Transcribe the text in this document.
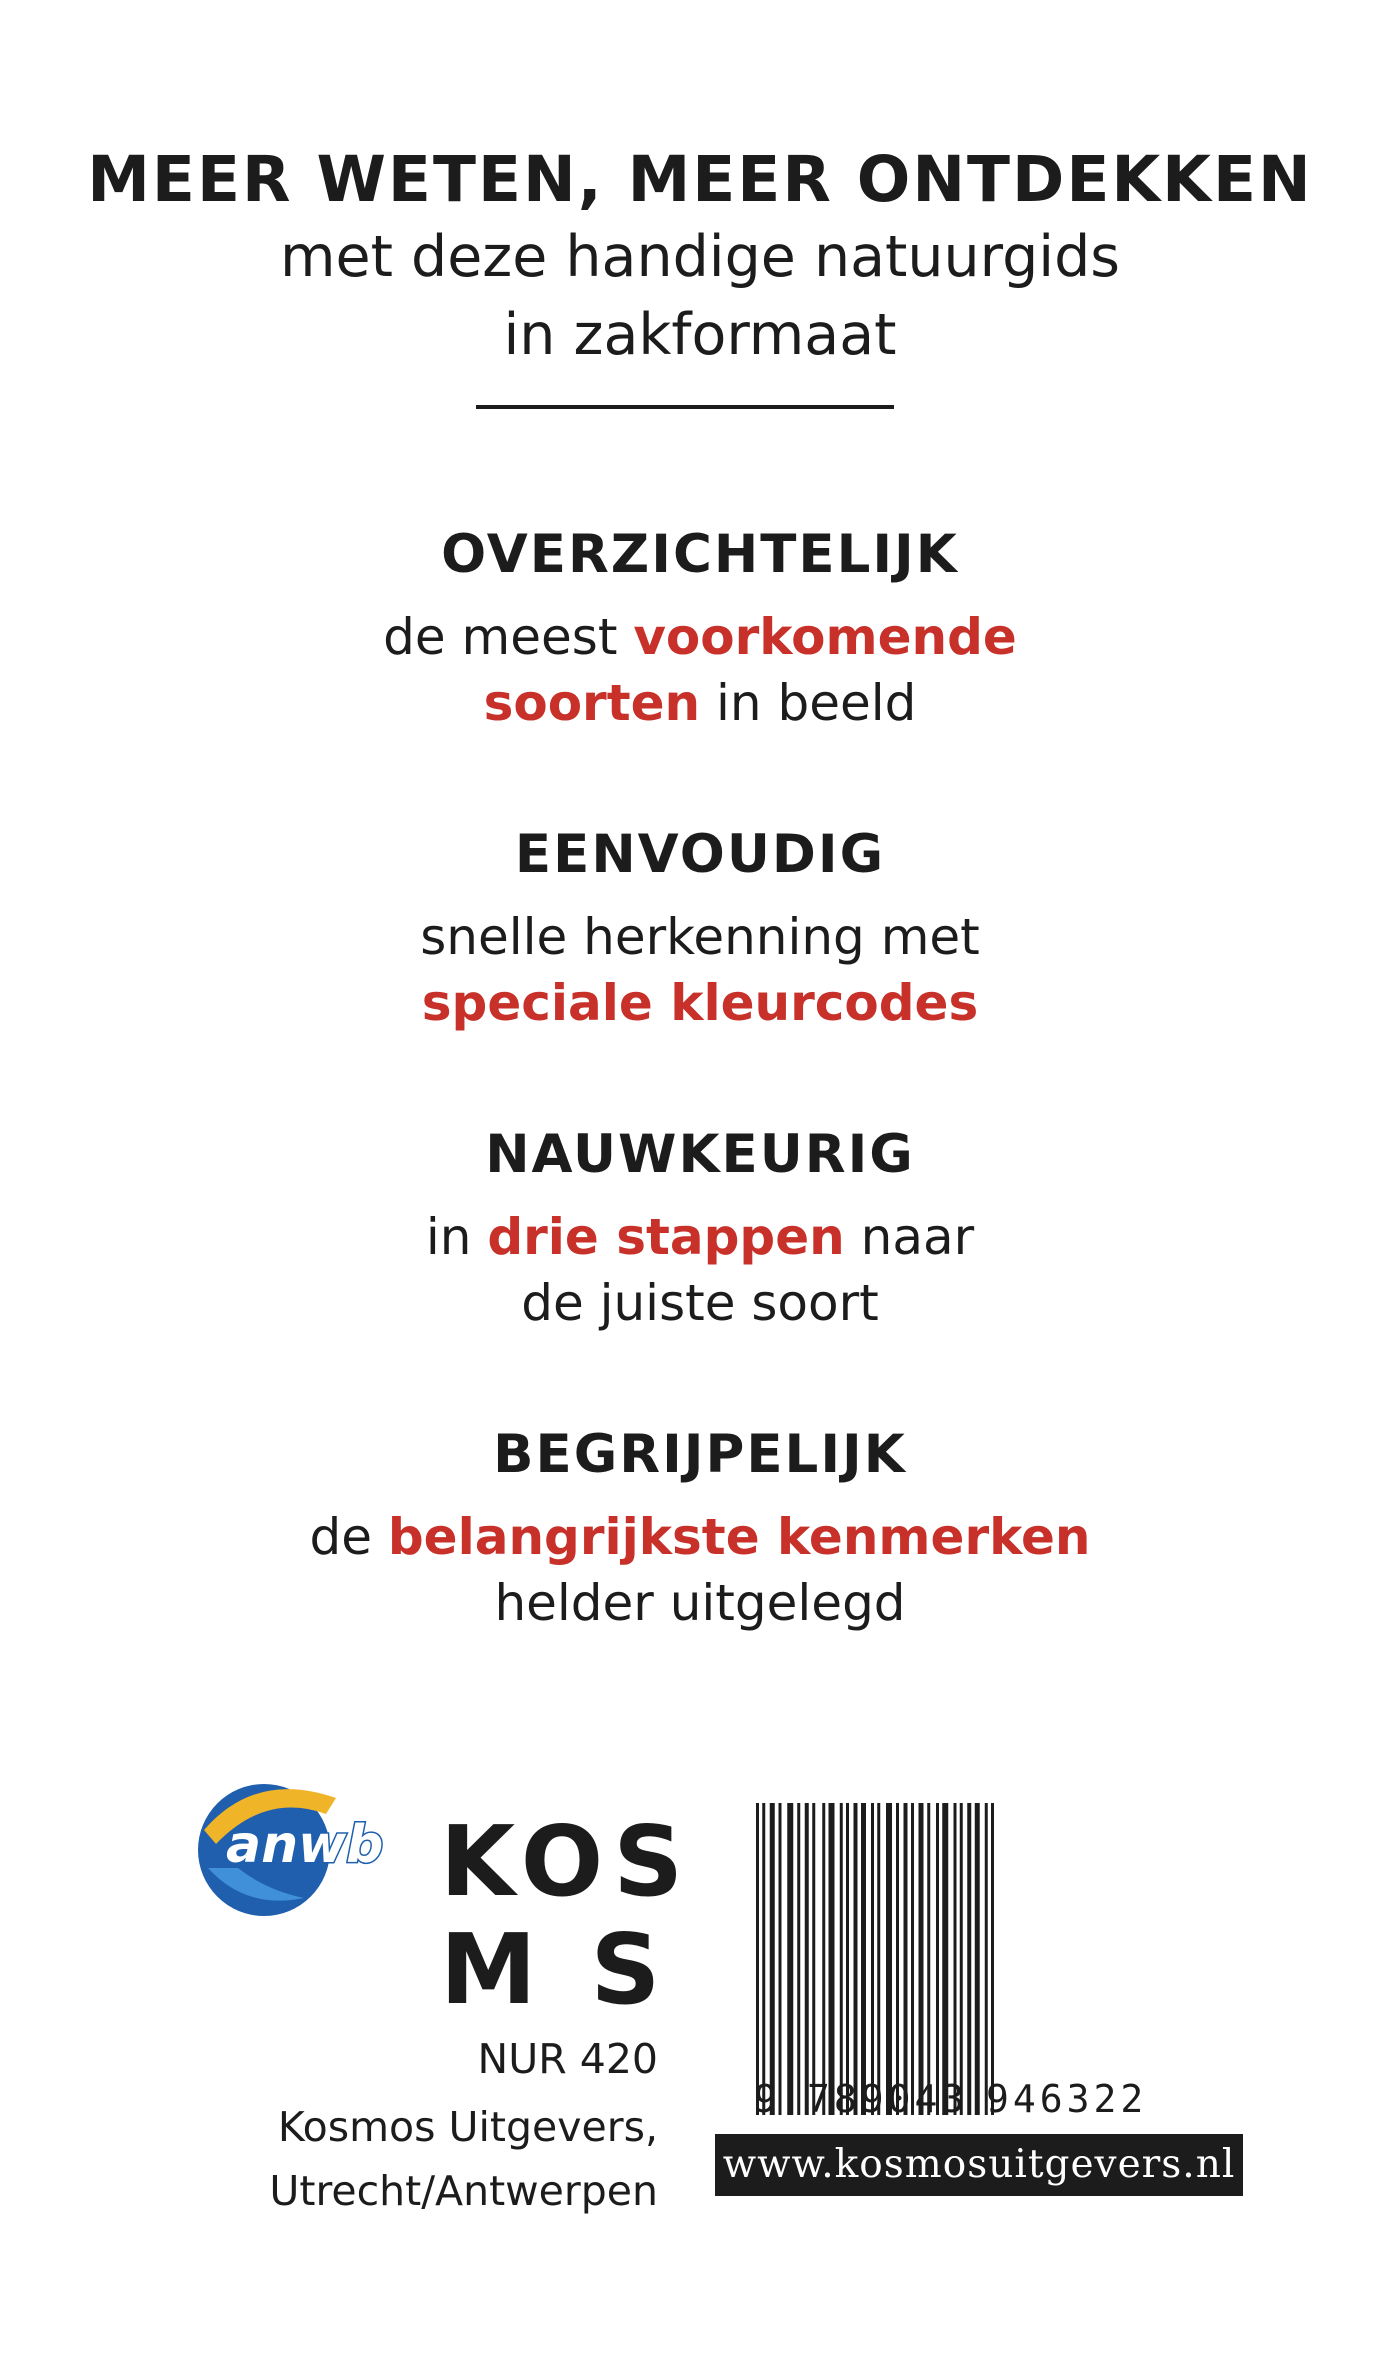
MEER WETEN, MEER ONTDEKKEN
met deze handige natuurgids
in zakformaat
OVERZICHTELIJK
de meest voorkomende
soorten in beeld
EENVOUDIG
snelle herkenning met
speciale kleurcodes
NAUWKEURIG
in drie stappen naar
de juiste soort
BEGRIJPELIJK
de belangrijkste kenmerken
helder uitgelegd
anwb KOS
M S
NUR 420
Kosmos Uitgevers,
Utrecht/Antwerpen
9 789043 946322
www.kosmosuitgevers.nl
